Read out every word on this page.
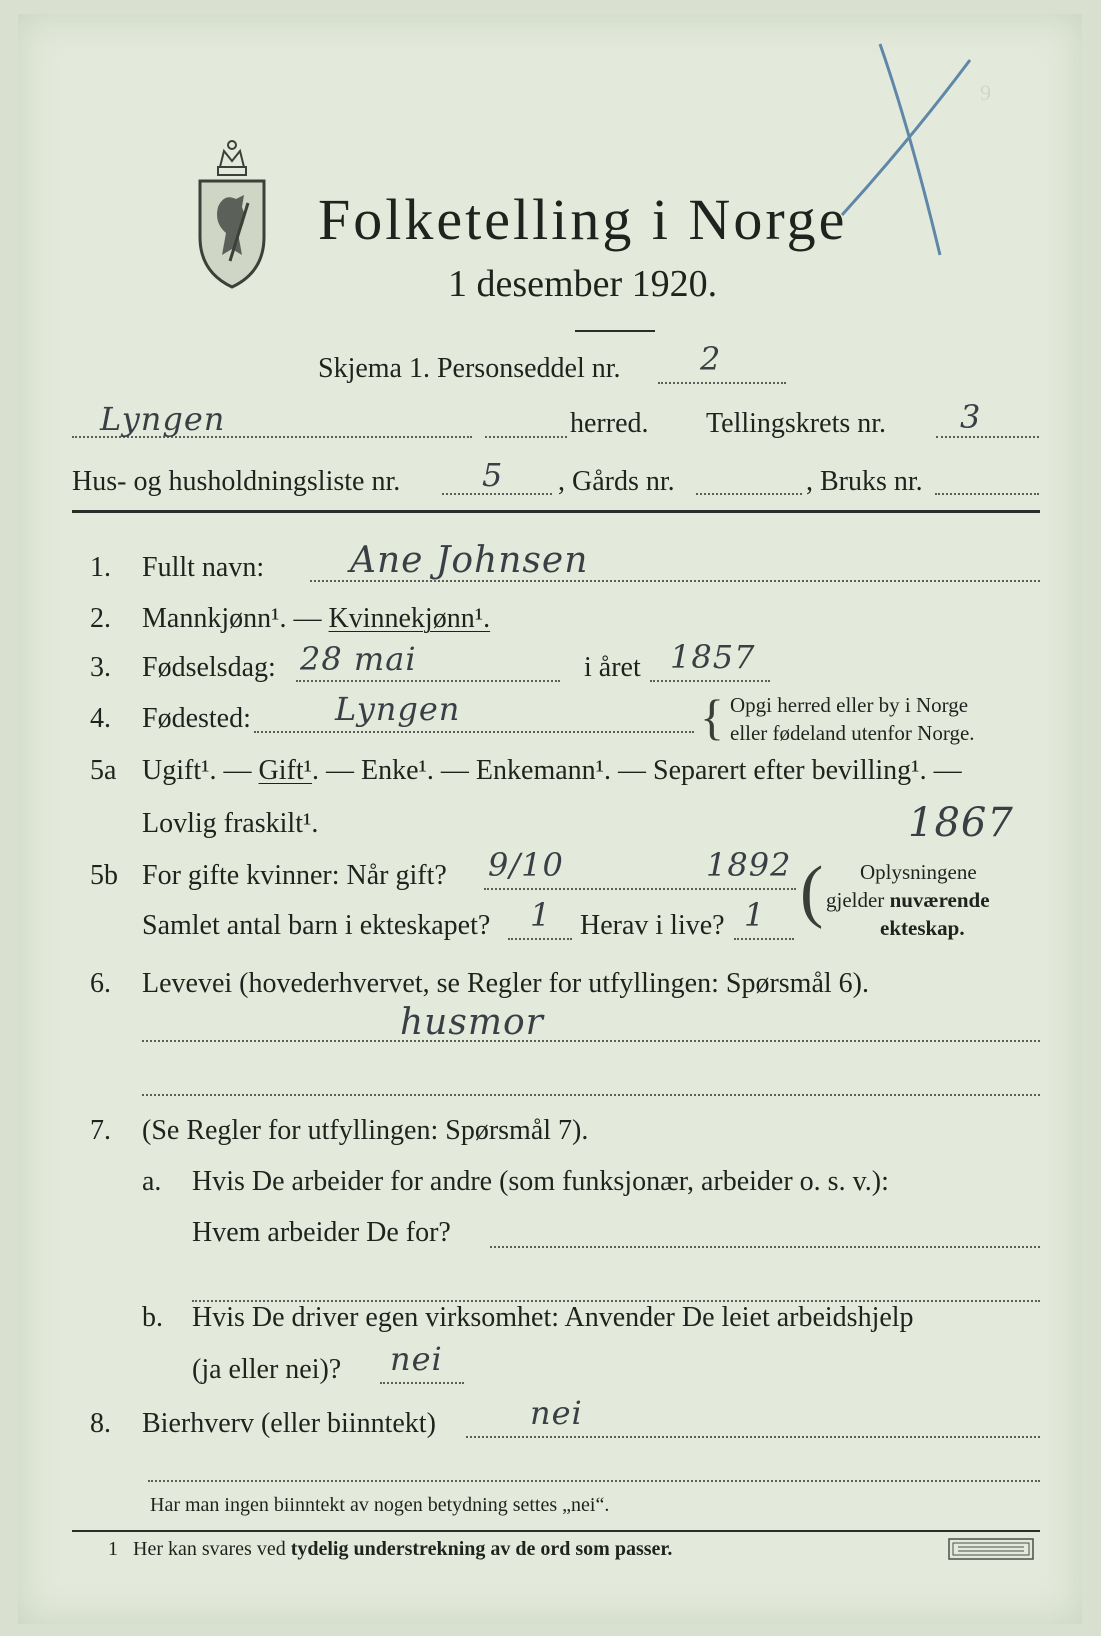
9
Folketelling i Norge
1 desember 1920.
Skjema 1. Personseddel nr. 2
Lyngen	herred. Tellingskrets nr. 3
Hus- og husholdningsliste nr.	5 , Gårds nr.	, Bruks nr.
1. Fullt navn: Ane Johnsen
2. Mannkjønn¹. — Kvinnekjønn¹.
3. Fødselsdag: 28 mai	i året 1857
4. Fødested:	Lyngen	{ Opgi herred eller by i Norge
eller fødeland utenfor Norge.
5a Ugift¹. — Gift¹. — Enke¹. — Enkemann¹. — Separert efter bevilling¹. —
Lovlig fraskilt¹.	1867
5b For gifte kvinner: Når gift? 9/10	1892
Samlet antal barn i ekteskapet? 1 Herav i live? 1 ( Oplysningene
gjelder nuværende
ekteskap.
6. Levevei (hovederhvervet, se Regler for utfyllingen: Spørsmål 6).
husmor
7. (Se Regler for utfyllingen: Spørsmål 7).
a. Hvis De arbeider for andre (som funksjonær, arbeider o. s. v.):
Hvem arbeider De for?
b. Hvis De driver egen virksomhet: Anvender De leiet arbeidshjelp
(ja eller nei)? nei
8. Bierhverv (eller biinntekt)	nei
Har man ingen biinntekt av nogen betydning settes „nei“.
1 Her kan svares ved tydelig understrekning av de ord som passer.
